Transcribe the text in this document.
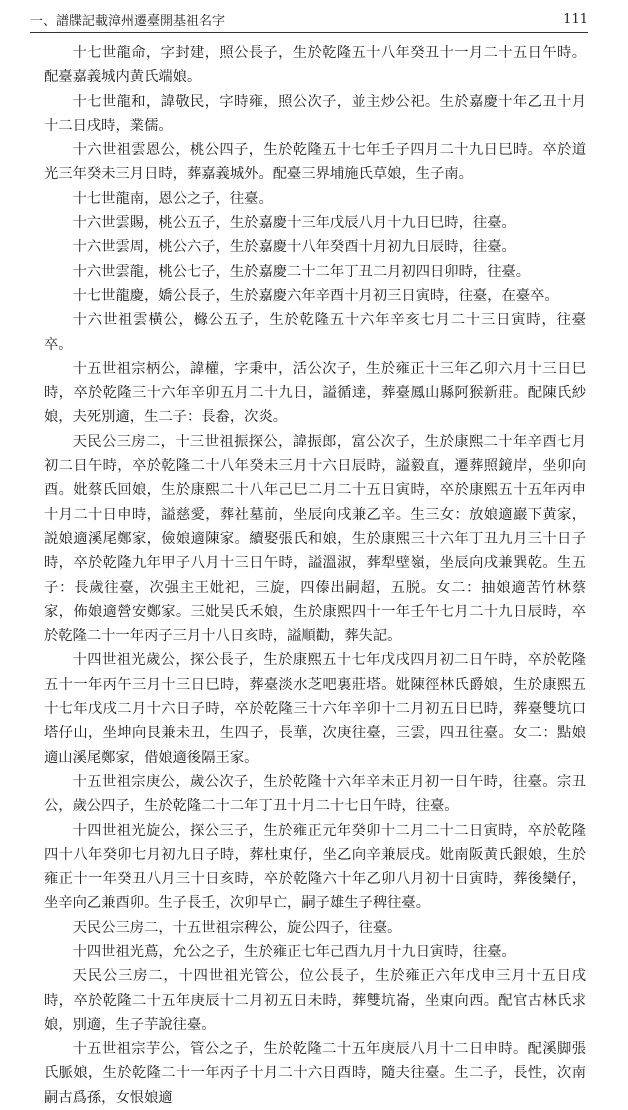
一、譜牒記載漳州遷臺開基祖名字	111

十七世龍命，字封建，照公長子，生於乾隆五十八年癸丑十一月二十五日午時。配臺嘉義城内黄氏端娘。

十七世龍和，諱敬民，字時雍，照公次子，並主炒公祀。生於嘉慶十年乙丑十月十二日戌時，業儒。

十六世祖雲恩公，桃公四子，生於乾隆五十七年壬子四月二十九日巳時。卒於道光三年癸未三月日時，葬嘉義城外。配臺三界埔施氏草娘，生子南。

十七世龍南，恩公之子，往臺。

十六世雲賜，桃公五子，生於嘉慶十三年戊辰八月十九日巳時，往臺。

十六世雲周，桃公六子，生於嘉慶十八年癸酉十月初九日辰時，往臺。

十六世雲龍，桃公七子，生於嘉慶二十二年丁丑二月初四日卯時，往臺。

十七世龍慶，嬌公長子，生於嘉慶六年辛酉十月初三日寅時，往臺，在臺卒。

十六世祖雲橫公，櫞公五子，生於乾隆五十六年辛亥七月二十三日寅時，往臺卒。

十五世祖宗柄公，諱權，字秉中，活公次子，生於雍正十三年乙卯六月十三日巳時，卒於乾隆三十六年辛卯五月二十九日，謚循達，葬臺鳳山縣阿猴新莊。配陳氏紗娘，夫死別適，生二子：長畚，次炎。

天民公三房二，十三世祖振探公，諱振郎，富公次子，生於康熙二十年辛酉七月初二日午時，卒於乾隆二十八年癸未三月十六日辰時，謚毅直，遷葬照鏡岸，坐卯向酉。妣蔡氏回娘，生於康熙二十八年己巳二月二十五日寅時，卒於康熙五十五年丙申十月二十日申時，謚慈愛，葬社墓前，坐辰向戌兼乙辛。生三女：放娘適巖下黄家，説娘適溪尾鄭家，儉娘適陳家。續娶張氏和娘，生於康熙三十六年丁丑九月三十日子時，卒於乾隆九年甲子八月十三日午時，謚溫淑，葬犁壁嶺，坐辰向戌兼巽乾。生五子：長歲往臺，次强主王妣祀，三旋，四傣出嗣超，五脱。女二：抽娘適苦竹林蔡家，佈娘適營安鄭家。三妣吴氏禾娘，生於康熙四十一年壬午七月二十九日辰時，卒於乾隆二十一年丙子三月十八日亥時，謚順勸，葬失記。

十四世祖光歲公，探公長子，生於康熙五十七年戊戌四月初二日午時，卒於乾隆五十一年丙午三月十三日巳時，葬臺淡水芝吧裏莊塔。妣陳徑林氏爵娘，生於康熙五十七年戊戌二月十六日子時，卒於乾隆三十六年辛卯十二月初五日巳時，葬臺雙坑口塔仔山，坐坤向艮兼未丑，生四子，長華，次庚往臺，三雲，四丑往臺。女二：點娘適山溪尾鄭家，借娘適後隔王家。

十五世祖宗庚公，歲公次子，生於乾隆十六年辛未正月初一日午時，往臺。宗丑公，歲公四子，生於乾隆二十二年丁丑十月二十七日午時，往臺。

十四世祖光旋公，探公三子，生於雍正元年癸卯十二月二十二日寅時，卒於乾隆四十八年癸卯七月初九日子時，葬杜東仔，坐乙向辛兼辰戌。妣南阪黄氏銀娘，生於雍正十一年癸丑八月三十日亥時，卒於乾隆六十年乙卯八月初十日寅時，葬後欒仔，坐辛向乙兼酉卯。生子長壬，次卯早亡，嗣子雄生子稗往臺。

天民公三房二，十五世祖宗稗公，旋公四子，往臺。

十四世祖光蔦，允公之子，生於雍正七年己酉九月十九日寅時，往臺。

天民公三房二，十四世祖光管公，位公長子，生於雍正六年戊申三月十五日戌時，卒於乾隆二十五年庚辰十二月初五日未時，葬雙坑崙，坐東向西。配官古林氏求娘，別適，生子芋說往臺。

十五世祖宗芋公，管公之子，生於乾隆二十五年庚辰八月十二日申時。配溪脚張氏脈娘，生於乾隆二十一年丙子十月二十六日酉時，隨夫往臺。生二子，長性，次南嗣古爲孫，女恨娘適
